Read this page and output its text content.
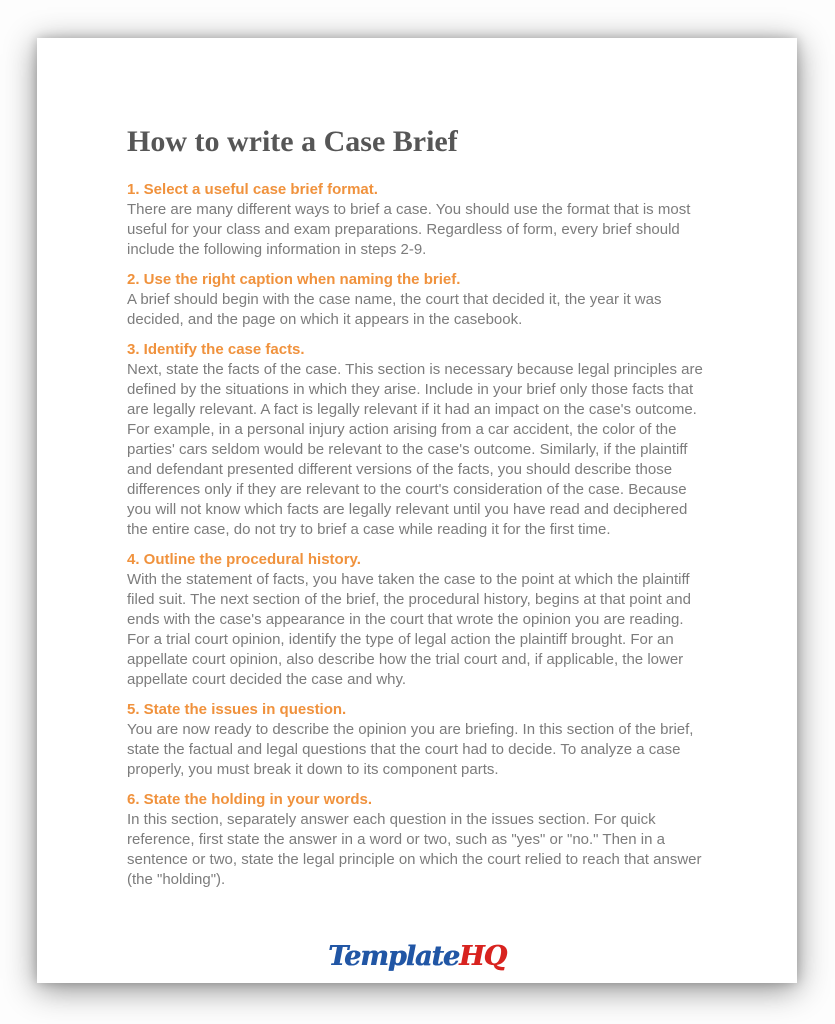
How to write a Case Brief
1. Select a useful case brief format.

There are many different ways to brief a case. You should use the format that is most useful for your class and exam preparations. Regardless of form, every brief should include the following information in steps 2-9.

2. Use the right caption when naming the brief.

A brief should begin with the case name, the court that decided it, the year it was decided, and the page on which it appears in the casebook.

3. Identify the case facts.

Next, state the facts of the case. This section is necessary because legal principles are defined by the situations in which they arise. Include in your brief only those facts that are legally relevant. A fact is legally relevant if it had an impact on the case's outcome. For example, in a personal injury action arising from a car accident, the color of the parties' cars seldom would be relevant to the case's outcome. Similarly, if the plaintiff and defendant presented different versions of the facts, you should describe those differences only if they are relevant to the court's consideration of the case. Because you will not know which facts are legally relevant until you have read and deciphered the entire case, do not try to brief a case while reading it for the first time.

4. Outline the procedural history.

With the statement of facts, you have taken the case to the point at which the plaintiff filed suit. The next section of the brief, the procedural history, begins at that point and ends with the case's appearance in the court that wrote the opinion you are reading. For a trial court opinion, identify the type of legal action the plaintiff brought. For an appellate court opinion, also describe how the trial court and, if applicable, the lower appellate court decided the case and why.

5. State the issues in question.

You are now ready to describe the opinion you are briefing. In this section of the brief, state the factual and legal questions that the court had to decide. To analyze a case properly, you must break it down to its component parts.

6. State the holding in your words.

In this section, separately answer each question in the issues section. For quick reference, first state the answer in a word or two, such as "yes" or "no." Then in a sentence or two, state the legal principle on which the court relied to reach that answer (the "holding").

TemplateHQ
